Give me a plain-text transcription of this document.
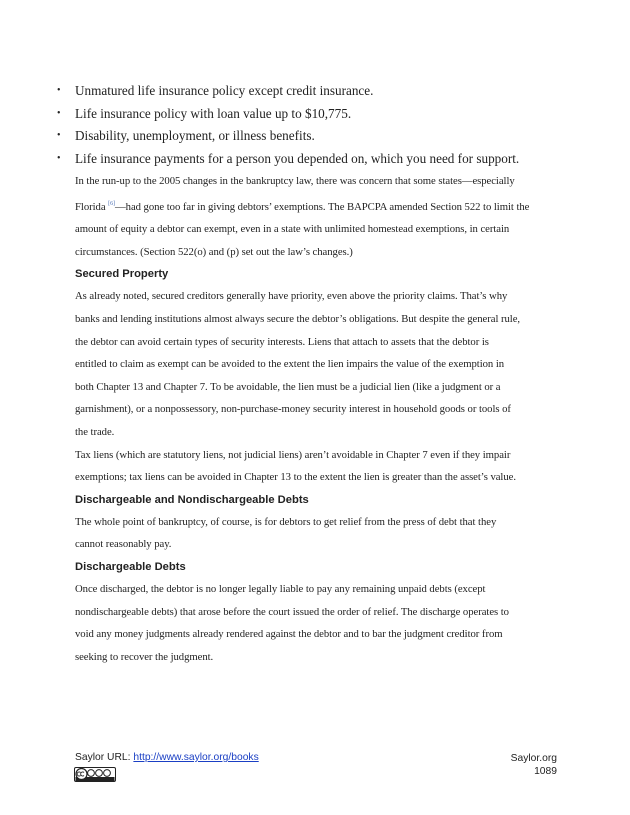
• Unmatured life insurance policy except credit insurance.
• Life insurance policy with loan value up to $10,775.
• Disability, unemployment, or illness benefits.
• Life insurance payments for a person you depended on, which you need for support.

In the run-up to the 2005 changes in the bankruptcy law, there was concern that some states—especially
Florida [6]—had gone too far in giving debtors’ exemptions. The BAPCPA amended Section 522 to limit the
amount of equity a debtor can exempt, even in a state with unlimited homestead exemptions, in certain
circumstances. (Section 522(o) and (p) set out the law’s changes.)

Secured Property

As already noted, secured creditors generally have priority, even above the priority claims. That’s why
banks and lending institutions almost always secure the debtor’s obligations. But despite the general rule,
the debtor can avoid certain types of security interests. Liens that attach to assets that the debtor is
entitled to claim as exempt can be avoided to the extent the lien impairs the value of the exemption in
both Chapter 13 and Chapter 7. To be avoidable, the lien must be a judicial lien (like a judgment or a
garnishment), or a nonpossessory, non-purchase-money security interest in household goods or tools of
the trade.

Tax liens (which are statutory liens, not judicial liens) aren’t avoidable in Chapter 7 even if they impair
exemptions; tax liens can be avoided in Chapter 13 to the extent the lien is greater than the asset’s value.

Dischargeable and Nondischargeable Debts

The whole point of bankruptcy, of course, is for debtors to get relief from the press of debt that they
cannot reasonably pay.

Dischargeable Debts

Once discharged, the debtor is no longer legally liable to pay any remaining unpaid debts (except
nondischargeable debts) that arose before the court issued the order of relief. The discharge operates to
void any money judgments already rendered against the debtor and to bar the judgment creditor from
seeking to recover the judgment.

Saylor URL: http://www.saylor.org/books	Saylor.org
1089
